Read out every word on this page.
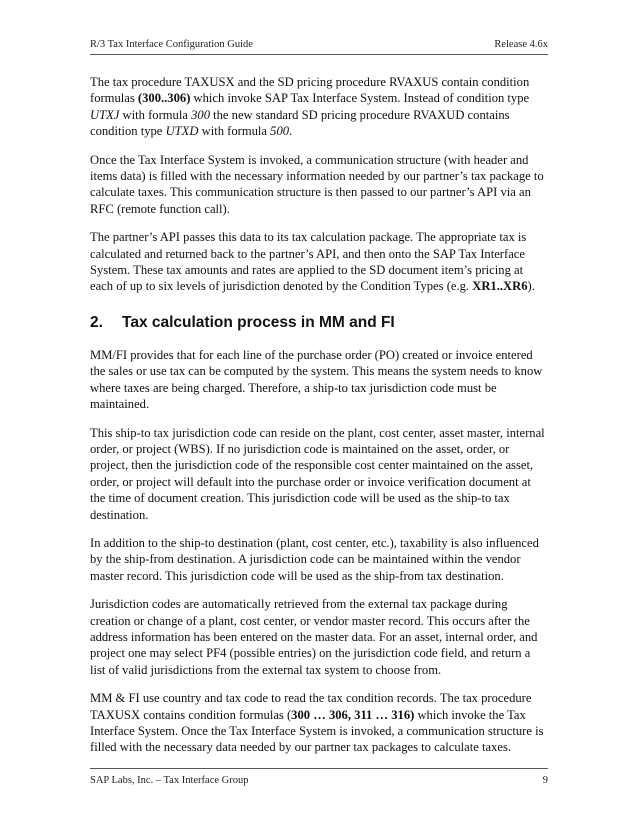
R/3 Tax Interface Configuration Guide	Release 4.6x

The tax procedure TAXUSX and the SD pricing procedure RVAXUS contain condition formulas (300..306) which invoke SAP Tax Interface System. Instead of condition type UTXJ with formula 300 the new standard SD pricing procedure RVAXUD contains condition type UTXD with formula 500.

Once the Tax Interface System is invoked, a communication structure (with header and items data) is filled with the necessary information needed by our partner’s tax package to calculate taxes. This communication structure is then passed to our partner’s API via an RFC (remote function call).

The partner’s API passes this data to its tax calculation package. The appropriate tax is calculated and returned back to the partner’s API, and then onto the SAP Tax Interface System. These tax amounts and rates are applied to the SD document item’s pricing at each of up to six levels of jurisdiction denoted by the Condition Types (e.g. XR1..XR6).

2.	Tax calculation process in MM and FI

MM/FI provides that for each line of the purchase order (PO) created or invoice entered the sales or use tax can be computed by the system. This means the system needs to know where taxes are being charged. Therefore, a ship-to tax jurisdiction code must be maintained.

This ship-to tax jurisdiction code can reside on the plant, cost center, asset master, internal order, or project (WBS). If no jurisdiction code is maintained on the asset, order, or project, then the jurisdiction code of the responsible cost center maintained on the asset, order, or project will default into the purchase order or invoice verification document at the time of document creation. This jurisdiction code will be used as the ship-to tax destination.

In addition to the ship-to destination (plant, cost center, etc.), taxability is also influenced by the ship-from destination. A jurisdiction code can be maintained within the vendor master record. This jurisdiction code will be used as the ship-from tax destination.

Jurisdiction codes are automatically retrieved from the external tax package during creation or change of a plant, cost center, or vendor master record. This occurs after the address information has been entered on the master data. For an asset, internal order, and project one may select PF4 (possible entries) on the jurisdiction code field, and return a list of valid jurisdictions from the external tax system to choose from.

MM & FI use country and tax code to read the tax condition records. The tax procedure TAXUSX contains condition formulas (300 … 306, 311 … 316) which invoke the Tax Interface System. Once the Tax Interface System is invoked, a communication structure is filled with the necessary data needed by our partner tax packages to calculate taxes.

SAP Labs, Inc. – Tax Interface Group	9
